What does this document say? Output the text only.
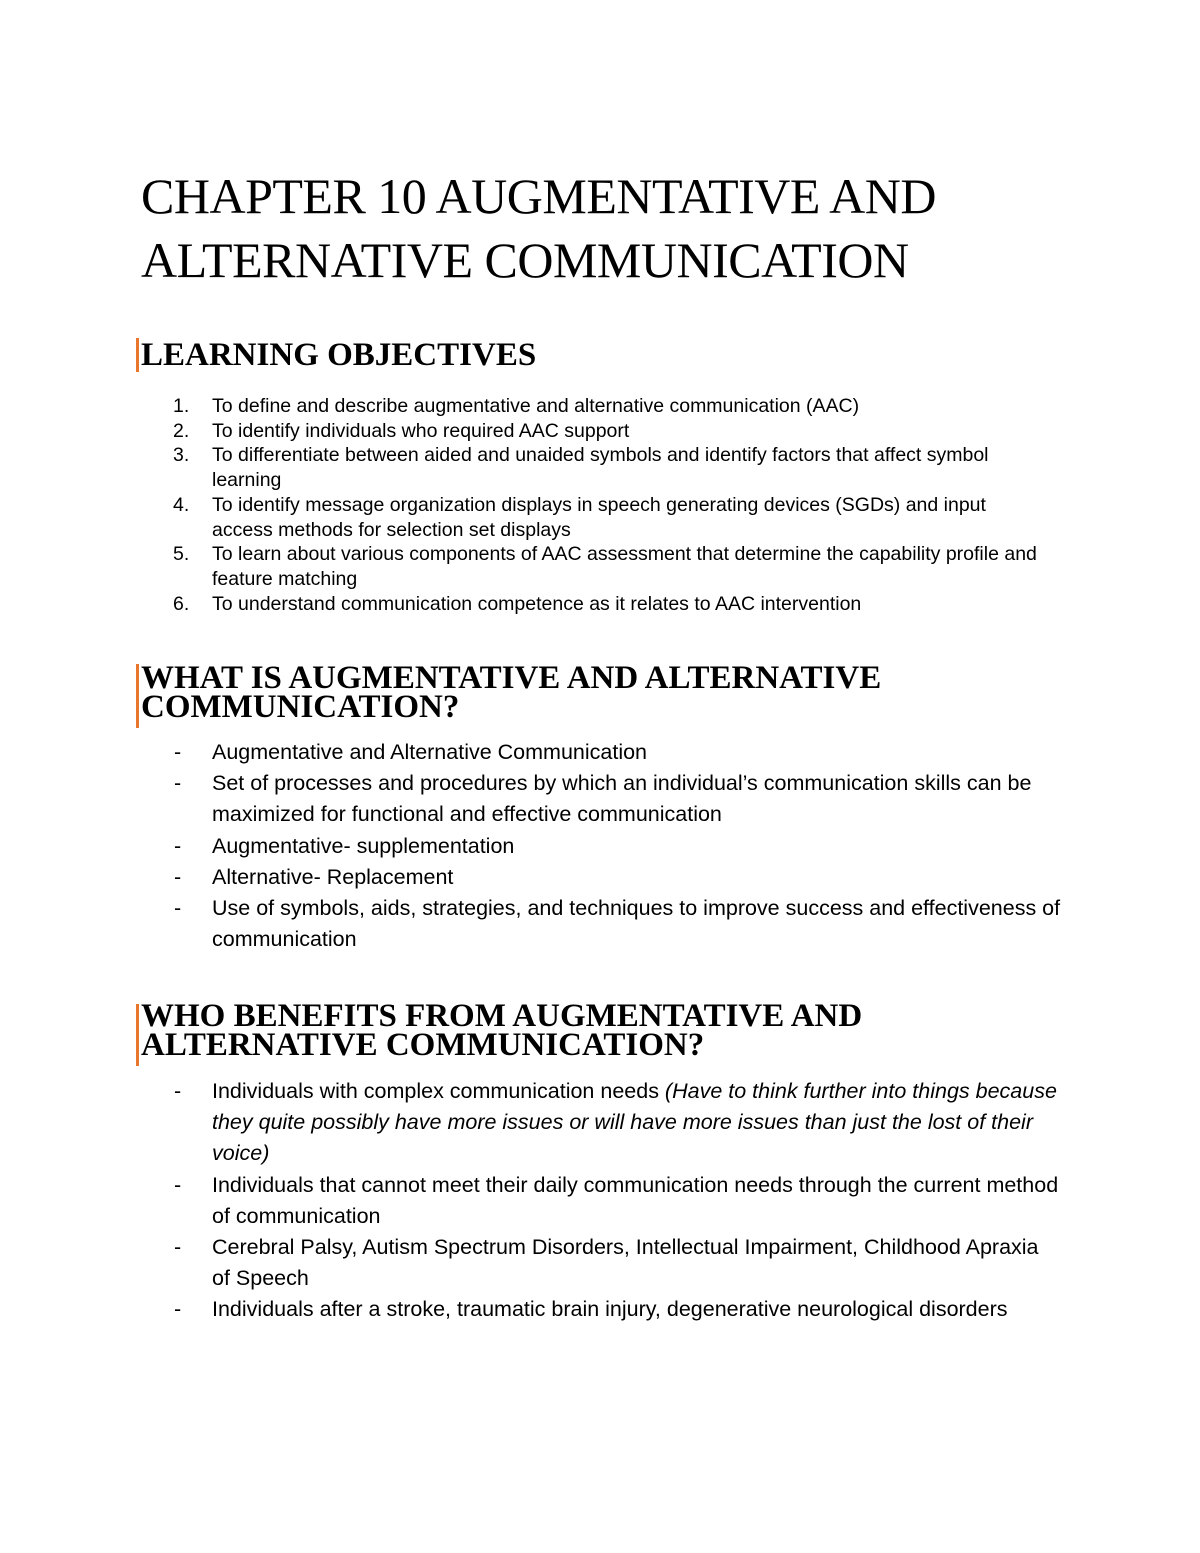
CHAPTER 10 AUGMENTATIVE AND
ALTERNATIVE COMMUNICATION
LEARNING OBJECTIVES
1.	To define and describe augmentative and alternative communication (AAC)
2.	To identify individuals who required AAC support
3.	To differentiate between aided and unaided symbols and identify factors that affect symbol learning
4.	To identify message organization displays in speech generating devices (SGDs) and input access methods for selection set displays
5.	To learn about various components of AAC assessment that determine the capability profile and feature matching
6.	To understand communication competence as it relates to AAC intervention
WHAT IS AUGMENTATIVE AND ALTERNATIVE
COMMUNICATION?
- Augmentative and Alternative Communication
- Set of processes and procedures by which an individual’s communication skills can be maximized for functional and effective communication
- Augmentative- supplementation
- Alternative- Replacement
- Use of symbols, aids, strategies, and techniques to improve success and effectiveness of communication
WHO BENEFITS FROM AUGMENTATIVE AND
ALTERNATIVE COMMUNICATION?
- Individuals with complex communication needs (Have to think further into things because they quite possibly have more issues or will have more issues than just the lost of their voice)
- Individuals that cannot meet their daily communication needs through the current method of communication
- Cerebral Palsy, Autism Spectrum Disorders, Intellectual Impairment, Childhood Apraxia of Speech
- Individuals after a stroke, traumatic brain injury, degenerative neurological disorders
